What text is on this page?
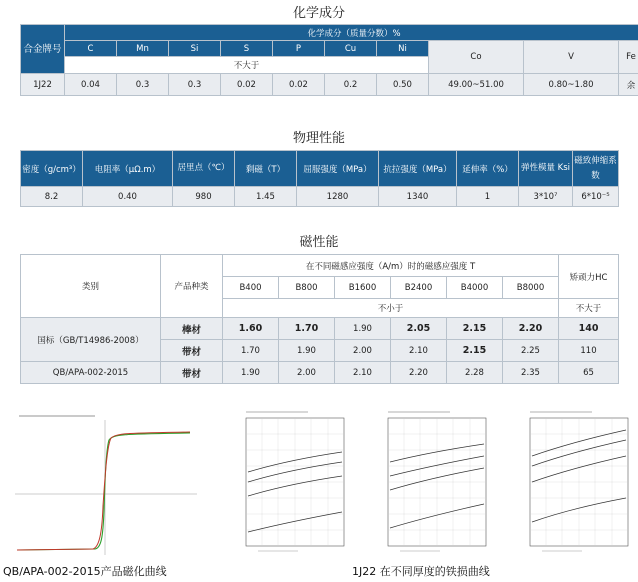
化学成分
合金牌号	化学成分（质量分数）%									
	C	Mn	Si	S	P	Cu	Ni	Co	V	Fe
	不大于									
1J22	0.04	0.3	0.3	0.02	0.02	0.2	0.50	49.00~51.00	0.80~1.80	余
物理性能
密度（g/cm³）	电阻率（μΩ.m）	居里点（℃）	剩磁（T）	屈服强度（MPa）	抗拉强度（MPa）	延伸率（%）	弹性模量 Ksi	磁致伸缩系数
8.2	0.40	980	1.45	1280	1340	1	3*10⁷	6*10⁻⁵
磁性能
类别	产品种类	在不同磁感应强度（A/m）时的磁感应强度 T						矫顽力HC
		B400	B800	B1600	B2400	B4000	B8000	
		不小于						不大于
国标（GB/T14986-2008）	棒材	1.60	1.70	1.90	2.05	2.15	2.20	140
	带材	1.70	1.90	2.00	2.10	2.15	2.25	110
QB/APA-002-2015	带材	1.90	2.00	2.10	2.20	2.28	2.35	65
QB/APA-002-2015产品磁化曲线	1J22 在不同厚度的铁损曲线
